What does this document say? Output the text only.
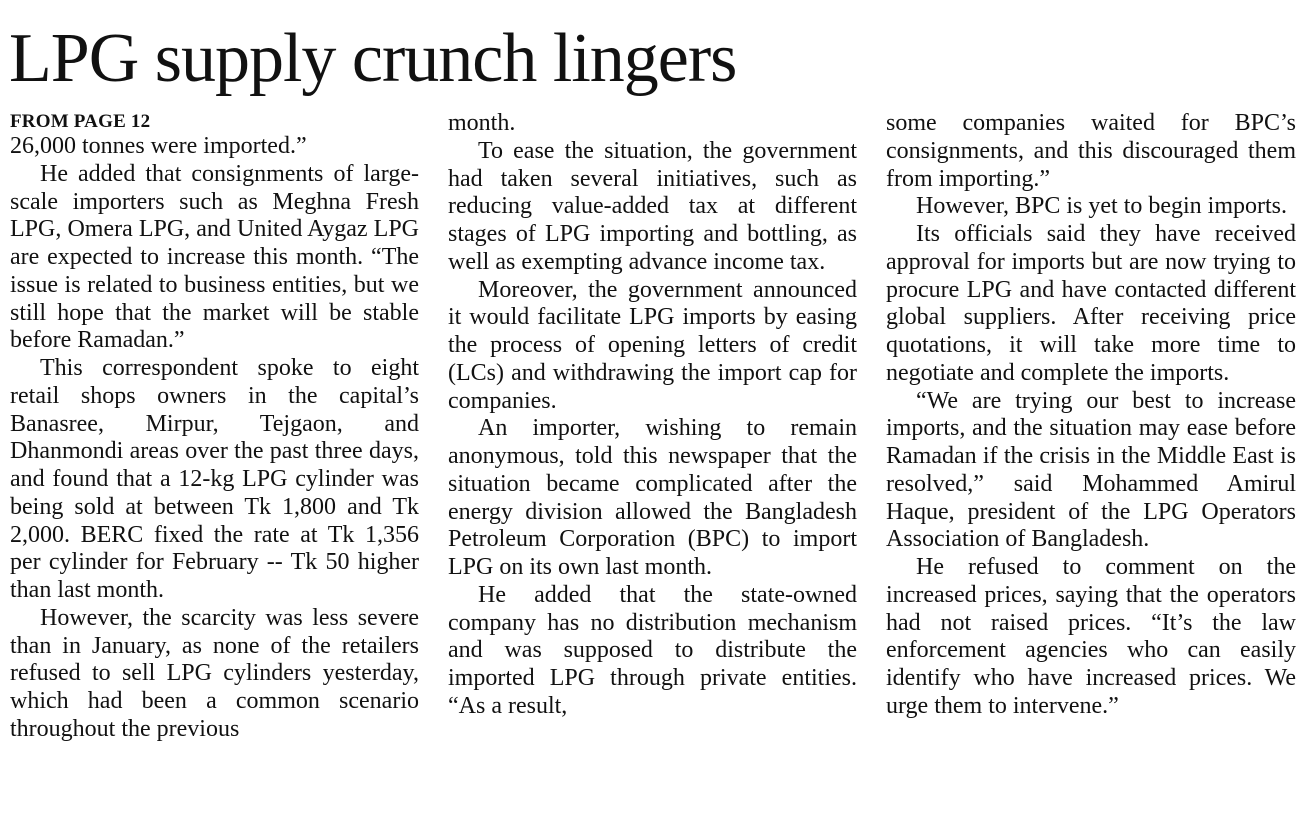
LPG supply crunch lingers
FROM PAGE 12

26,000 tonnes were imported.”

He added that consignments of large-scale importers such as Meghna Fresh LPG, Omera LPG, and United Aygaz LPG are expected to increase this month. “The issue is related to business entities, but we still hope that the market will be stable before Ramadan.”

This correspondent spoke to eight retail shops owners in the capital’s Banasree, Mirpur, Tejgaon, and Dhanmondi areas over the past three days, and found that a 12-kg LPG cylinder was being sold at between Tk 1,800 and Tk 2,000. BERC fixed the rate at Tk 1,356 per cylinder for February -- Tk 50 higher than last month.

However, the scarcity was less severe than in January, as none of the retailers refused to sell LPG cylinders yesterday, which had been a common scenario throughout the previous

month.

To ease the situation, the government had taken several initiatives, such as reducing value-added tax at different stages of LPG importing and bottling, as well as exempting advance income tax.

Moreover, the government announced it would facilitate LPG imports by easing the process of opening letters of credit (LCs) and withdrawing the import cap for companies.

An importer, wishing to remain anonymous, told this newspaper that the situation became complicated after the energy division allowed the Bangladesh Petroleum Corporation (BPC) to import LPG on its own last month.

He added that the state-owned company has no distribution mechanism and was supposed to distribute the imported LPG through private entities. “As a result,

some companies waited for BPC’s consignments, and this discouraged them from importing.”

However, BPC is yet to begin imports.

Its officials said they have received approval for imports but are now trying to procure LPG and have contacted different global suppliers. After receiving price quotations, it will take more time to negotiate and complete the imports.

“We are trying our best to increase imports, and the situation may ease before Ramadan if the crisis in the Middle East is resolved,” said Mohammed Amirul Haque, president of the LPG Operators Association of Bangladesh.

He refused to comment on the increased prices, saying that the operators had not raised prices. “It’s the law enforcement agencies who can easily identify who have increased prices. We urge them to intervene.”
